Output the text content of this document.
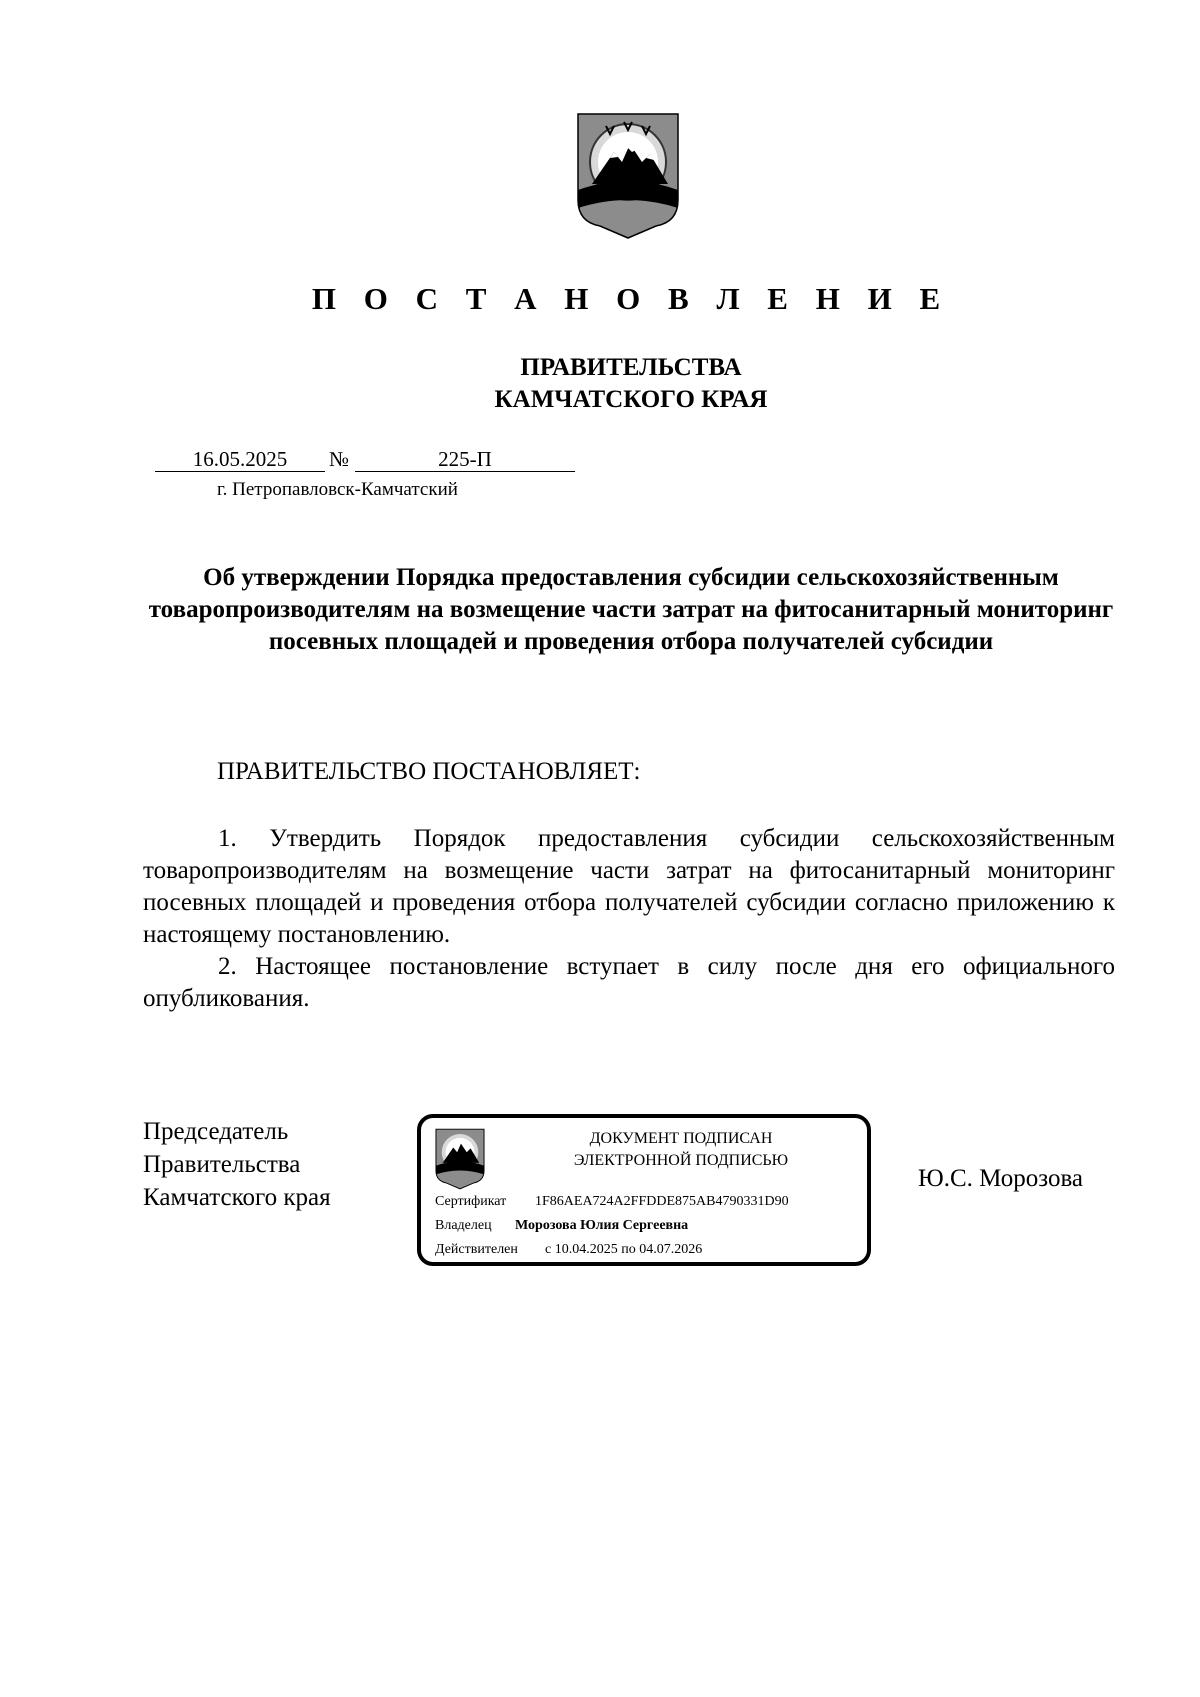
П О С Т А Н О В Л Е Н И Е
ПРАВИТЕЛЬСТВА
КАМЧАТСКОГО КРАЯ
16.05.2025	№	225-П
г. Петропавловск-Камчатский
Об утверждении Порядка предоставления субсидии сельскохозяйственным товаропроизводителям на возмещение части затрат на фитосанитарный мониторинг посевных площадей и проведения отбора получателей субсидии
ПРАВИТЕЛЬСТВО ПОСТАНОВЛЯЕТ:
1. Утвердить Порядок предоставления субсидии сельскохозяйственным товаропроизводителям на возмещение части затрат на фитосанитарный мониторинг посевных площадей и проведения отбора получателей субсидии согласно приложению к настоящему постановлению.
2. Настоящее постановление вступает в силу после дня его официального опубликования.
Председатель
Правительства
Камчатского края
ДОКУМЕНТ ПОДПИСАН
ЭЛЕКТРОННОЙ ПОДПИСЬЮ
Сертификат 1F86AEA724A2FFDDE875AB4790331D90
Владелец Морозова Юлия Сергеевна
Действителен с 10.04.2025 по 04.07.2026
Ю.С. Морозова
